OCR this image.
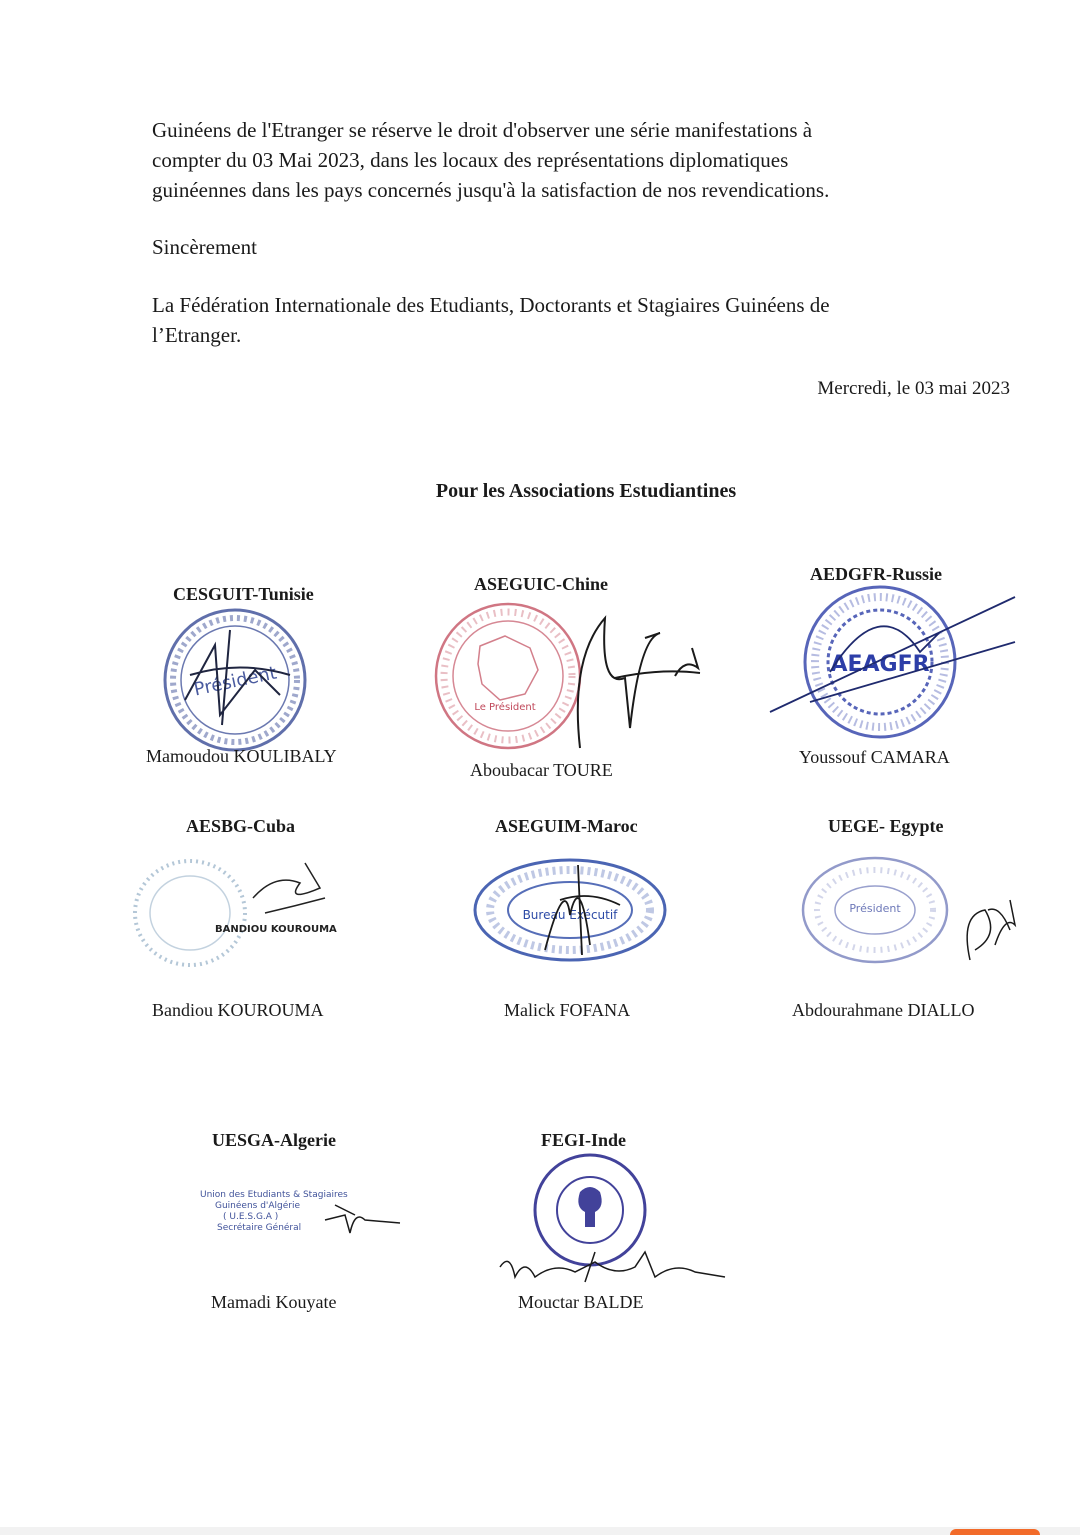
Guinéens de l'Etranger se réserve le droit d'observer une série manifestations à
compter du 03 Mai 2023, dans les locaux des représentations diplomatiques
guinéennes dans les pays concernés jusqu'à la satisfaction de nos revendications.

Sincèrement

La Fédération Internationale des Etudiants, Doctorants et Stagiaires Guinéens de
l’Etranger.

Mercredi, le 03 mai 2023
Pour les Associations Estudiantines
CESGUIT-Tunisie
Président
Mamoudou KOULIBALY
ASEGUIC-Chine
Le Président
Aboubacar TOURE
AEDGFR-Russie
AEAGFR
Youssouf CAMARA
AESBG-Cuba
BANDIOU KOUROUMA
Bandiou KOUROUMA
ASEGUIM-Maroc
Bureau Exécutif
Malick FOFANA
UEGE- Egypte
Président
Abdourahmane DIALLO
UESGA-Algerie
Union des Etudiants & Stagiaires
Guinéens d'Algérie
( U.E.S.G.A )
Secrétaire Général
Mamadi Kouyate
FEGI-Inde
Mouctar BALDE
